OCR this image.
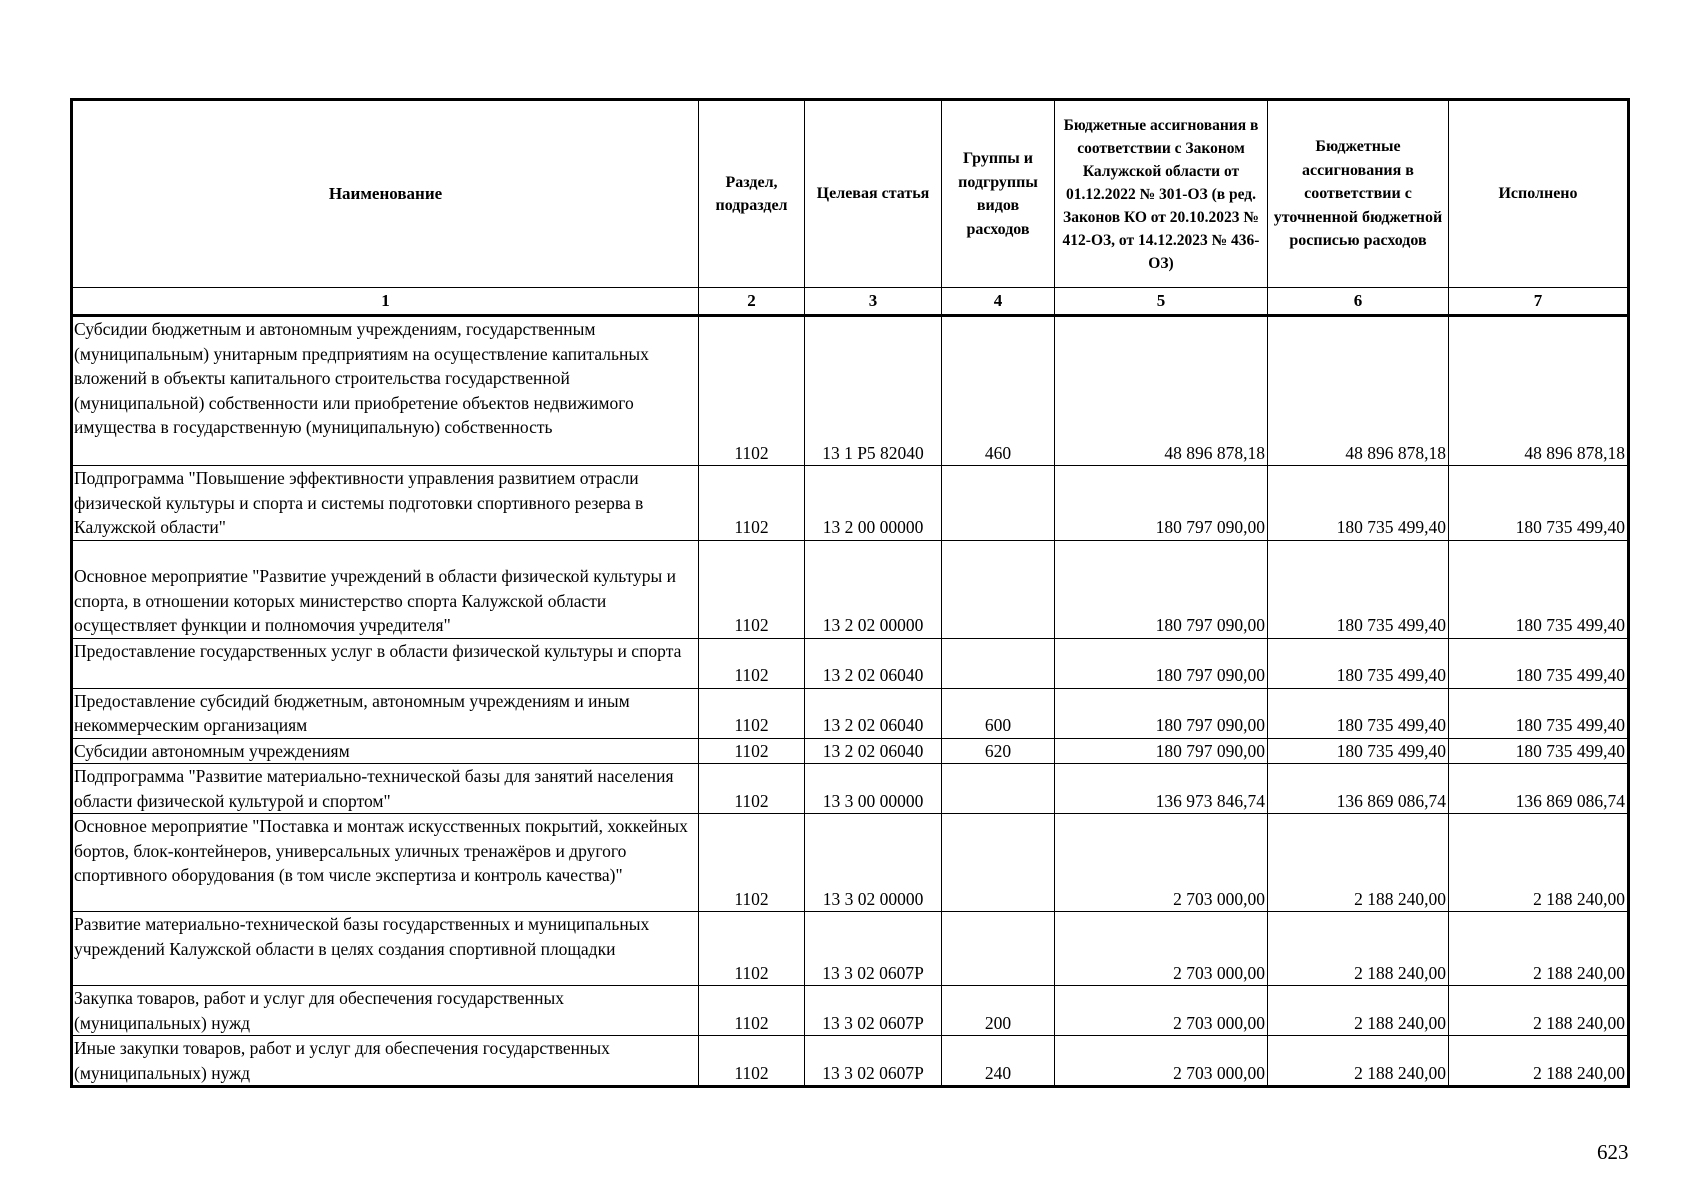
Наименование	Раздел, подраздел	Целевая статья	Группы и подгруппы видов расходов	Бюджетные ассигнования в соответствии с Законом Калужской области от 01.12.2022 № 301-ОЗ (в ред. Законов КО от 20.10.2023 № 412-ОЗ, от 14.12.2023 № 436-ОЗ)	Бюджетные ассигнования в соответствии с уточненной бюджетной росписью расходов	Исполнено
1	2	3	4	5	6	7
Субсидии бюджетным и автономным учреждениям, государственным (муниципальным) унитарным предприятиям на осуществление капитальных вложений в объекты капитального строительства государственной (муниципальной) собственности или приобретение объектов недвижимого имущества в государственную (муниципальную) собственность	1102	13 1 P5 82040	460	48 896 878,18	48 896 878,18	48 896 878,18
Подпрограмма "Повышение эффективности управления развитием отрасли физической культуры и спорта и системы подготовки спортивного резерва в Калужской области"	1102	13 2 00 00000		180 797 090,00	180 735 499,40	180 735 499,40
Основное мероприятие "Развитие учреждений в области физической культуры и спорта, в отношении которых министерство спорта Калужской области осуществляет функции и полномочия учредителя"	1102	13 2 02 00000		180 797 090,00	180 735 499,40	180 735 499,40
Предоставление государственных услуг в области физической культуры и спорта	1102	13 2 02 06040		180 797 090,00	180 735 499,40	180 735 499,40
Предоставление субсидий бюджетным, автономным учреждениям и иным некоммерческим организациям	1102	13 2 02 06040	600	180 797 090,00	180 735 499,40	180 735 499,40
Субсидии автономным учреждениям	1102	13 2 02 06040	620	180 797 090,00	180 735 499,40	180 735 499,40
Подпрограмма "Развитие материально-технической базы для занятий населения области физической культурой и спортом"	1102	13 3 00 00000		136 973 846,74	136 869 086,74	136 869 086,74
Основное мероприятие "Поставка и монтаж искусственных покрытий, хоккейных бортов, блок-контейнеров, универсальных уличных тренажёров и другого спортивного оборудования (в том числе экспертиза и контроль качества)"	1102	13 3 02 00000		2 703 000,00	2 188 240,00	2 188 240,00
Развитие материально-технической базы государственных и муниципальных учреждений Калужской области в целях создания спортивной площадки	1102	13 3 02 0607P		2 703 000,00	2 188 240,00	2 188 240,00
Закупка товаров, работ и услуг для обеспечения государственных (муниципальных) нужд	1102	13 3 02 0607P	200	2 703 000,00	2 188 240,00	2 188 240,00
Иные закупки товаров, работ и услуг для обеспечения государственных (муниципальных) нужд	1102	13 3 02 0607P	240	2 703 000,00	2 188 240,00	2 188 240,00
623
